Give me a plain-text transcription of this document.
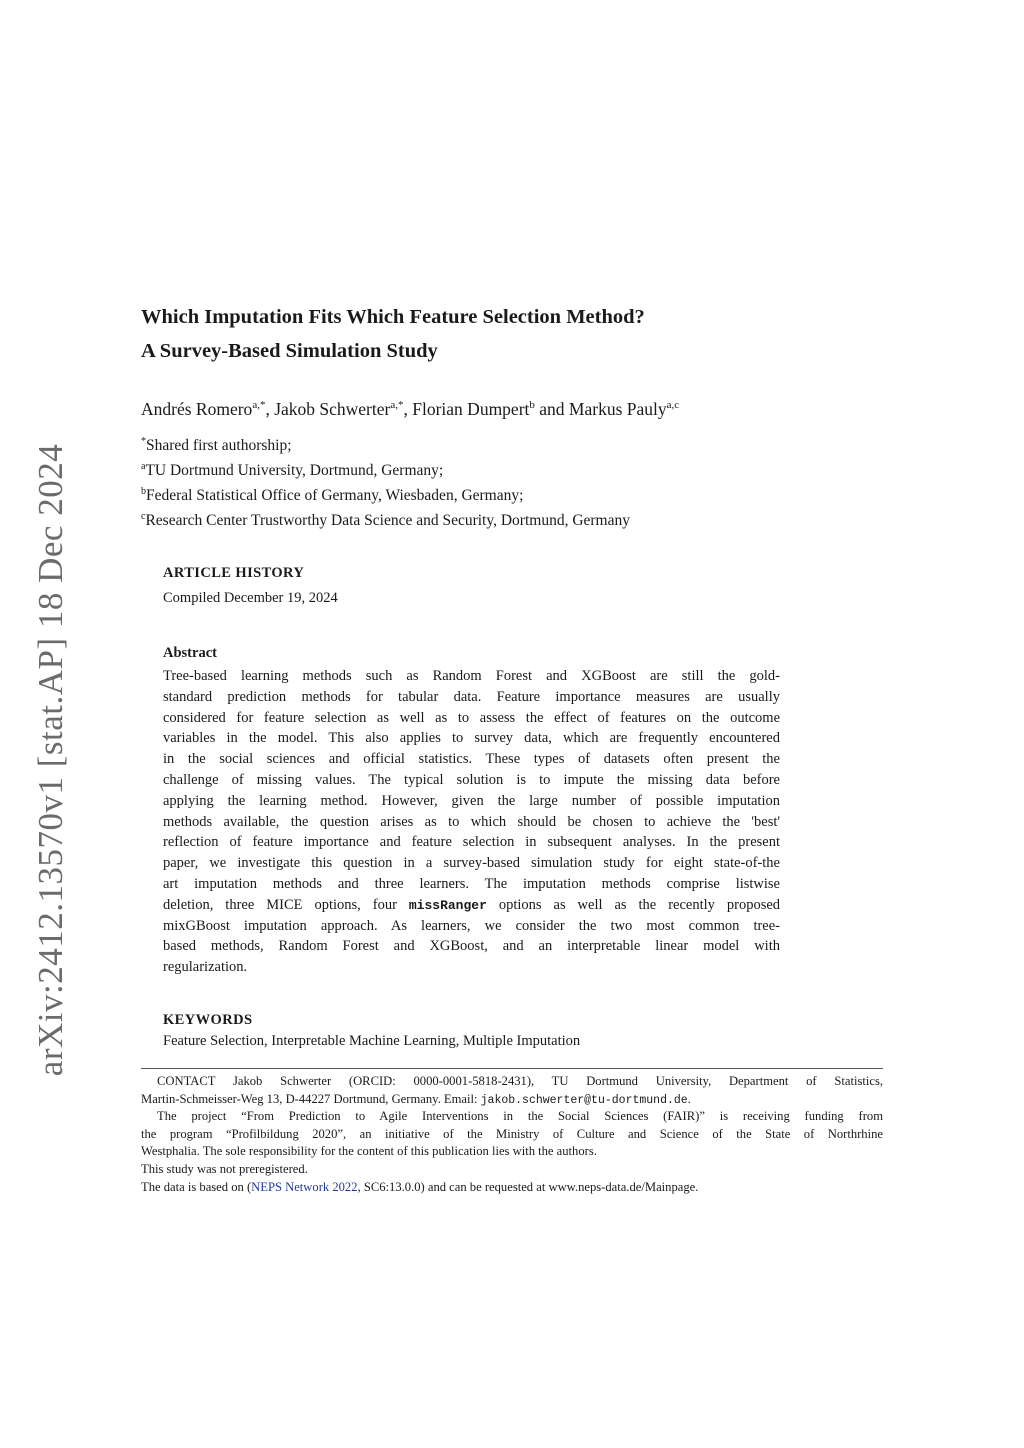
arXiv:2412.13570v1 [stat.AP] 18 Dec 2024
Which Imputation Fits Which Feature Selection Method?
A Survey-Based Simulation Study
Andrés Romero$^{a,*}$, Jakob Schwerter$^{a,*}$, Florian Dumpert$^b$ and Markus Pauly$^{a,c}$
*Shared first authorship;
$^a$TU Dortmund University, Dortmund, Germany;
$^b$Federal Statistical Office of Germany, Wiesbaden, Germany;
$^c$Research Center Trustworthy Data Science and Security, Dortmund, Germany
ARTICLE HISTORY
Compiled December 19, 2024
Abstract
Tree-based learning methods such as Random Forest and XGBoost are still the gold-
standard prediction methods for tabular data. Feature importance measures are usually
considered for feature selection as well as to assess the effect of features on the outcome
variables in the model. This also applies to survey data, which are frequently encountered
in the social sciences and official statistics. These types of datasets often present the
challenge of missing values. The typical solution is to impute the missing data before
applying the learning method. However, given the large number of possible imputation
methods available, the question arises as to which should be chosen to achieve the 'best'
reflection of feature importance and feature selection in subsequent analyses. In the present
paper, we investigate this question in a survey-based simulation study for eight state-of-the
art imputation methods and three learners. The imputation methods comprise listwise
deletion, three MICE options, four missRanger options as well as the recently proposed
mixGBoost imputation approach. As learners, we consider the two most common tree-
based methods, Random Forest and XGBoost, and an interpretable linear model with
regularization.
KEYWORDS
Feature Selection, Interpretable Machine Learning, Multiple Imputation
CONTACT Jakob Schwerter (ORCID: 0000-0001-5818-2431), TU Dortmund University, Department of Statistics,
Martin-Schmeisser-Weg 13, D-44227 Dortmund, Germany. Email: jakob.schwerter@tu-dortmund.de.
The project “From Prediction to Agile Interventions in the Social Sciences (FAIR)” is receiving funding from
the program “Profilbildung 2020”, an initiative of the Ministry of Culture and Science of the State of Northrhine
Westphalia. The sole responsibility for the content of this publication lies with the authors.
This study was not preregistered.
The data is based on (NEPS Network 2022, SC6:13.0.0) and can be requested at www.neps-data.de/Mainpage.
